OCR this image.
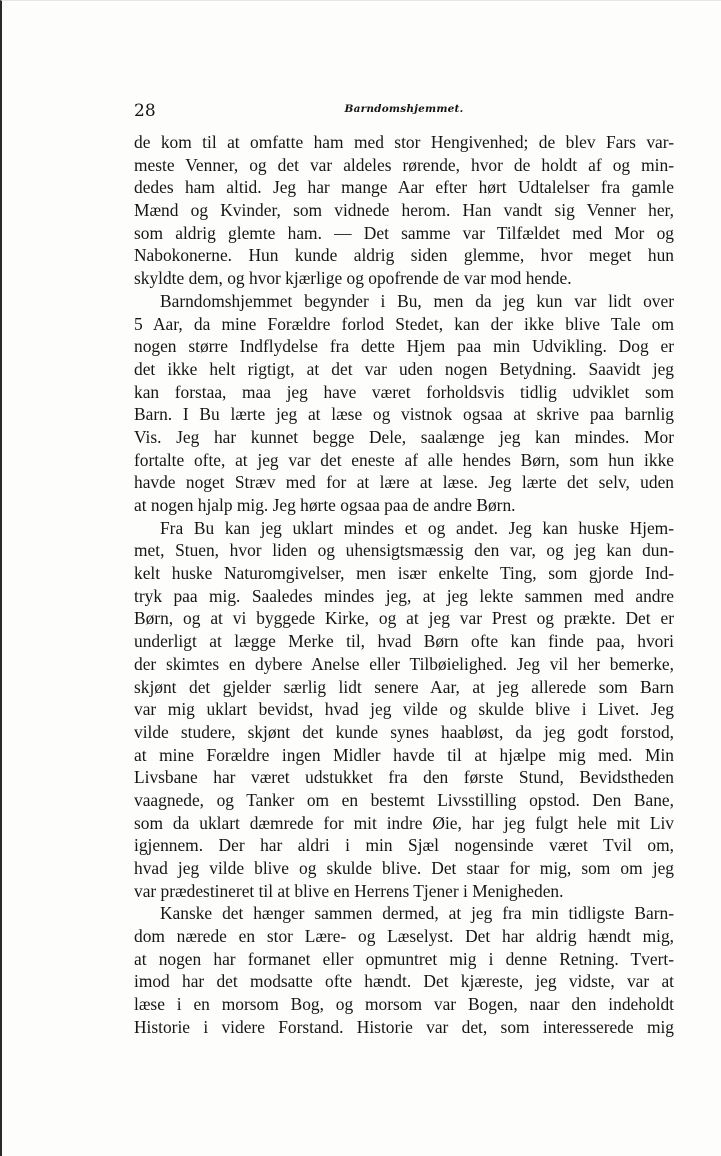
28	Barndomshjemmet.
de kom til at omfatte ham med stor Hengivenhed; de blev Fars var-
meste Venner, og det var aldeles rørende, hvor de holdt af og min-
dedes ham altid. Jeg har mange Aar efter hørt Udtalelser fra gamle
Mænd og Kvinder, som vidnede herom. Han vandt sig Venner her,
som aldrig glemte ham. — Det samme var Tilfældet med Mor og
Nabokonerne. Hun kunde aldrig siden glemme, hvor meget hun
skyldte dem, og hvor kjærlige og opofrende de var mod hende.
Barndomshjemmet begynder i Bu, men da jeg kun var lidt over
5 Aar, da mine Forældre forlod Stedet, kan der ikke blive Tale om
nogen større Indflydelse fra dette Hjem paa min Udvikling. Dog er
det ikke helt rigtigt, at det var uden nogen Betydning. Saavidt jeg
kan forstaa, maa jeg have været forholdsvis tidlig udviklet som
Barn. I Bu lærte jeg at læse og vistnok ogsaa at skrive paa barnlig
Vis. Jeg har kunnet begge Dele, saalænge jeg kan mindes. Mor
fortalte ofte, at jeg var det eneste af alle hendes Børn, som hun ikke
havde noget Stræv med for at lære at læse. Jeg lærte det selv, uden
at nogen hjalp mig. Jeg hørte ogsaa paa de andre Børn.
Fra Bu kan jeg uklart mindes et og andet. Jeg kan huske Hjem-
met, Stuen, hvor liden og uhensigtsmæssig den var, og jeg kan dun-
kelt huske Naturomgivelser, men især enkelte Ting, som gjorde Ind-
tryk paa mig. Saaledes mindes jeg, at jeg lekte sammen med andre
Børn, og at vi byggede Kirke, og at jeg var Prest og prækte. Det er
underligt at lægge Merke til, hvad Børn ofte kan finde paa, hvori
der skimtes en dybere Anelse eller Tilbøielighed. Jeg vil her bemerke,
skjønt det gjelder særlig lidt senere Aar, at jeg allerede som Barn
var mig uklart bevidst, hvad jeg vilde og skulde blive i Livet. Jeg
vilde studere, skjønt det kunde synes haabløst, da jeg godt forstod,
at mine Forældre ingen Midler havde til at hjælpe mig med. Min
Livsbane har været udstukket fra den første Stund, Bevidstheden
vaagnede, og Tanker om en bestemt Livsstilling opstod. Den Bane,
som da uklart dæmrede for mit indre Øie, har jeg fulgt hele mit Liv
igjennem. Der har aldri i min Sjæl nogensinde været Tvil om,
hvad jeg vilde blive og skulde blive. Det staar for mig, som om jeg
var prædestineret til at blive en Herrens Tjener i Menigheden.
Kanske det hænger sammen dermed, at jeg fra min tidligste Barn-
dom nærede en stor Lære- og Læselyst. Det har aldrig hændt mig,
at nogen har formanet eller opmuntret mig i denne Retning. Tvert-
imod har det modsatte ofte hændt. Det kjæreste, jeg vidste, var at
læse i en morsom Bog, og morsom var Bogen, naar den indeholdt
Historie i videre Forstand. Historie var det, som interesserede mig
